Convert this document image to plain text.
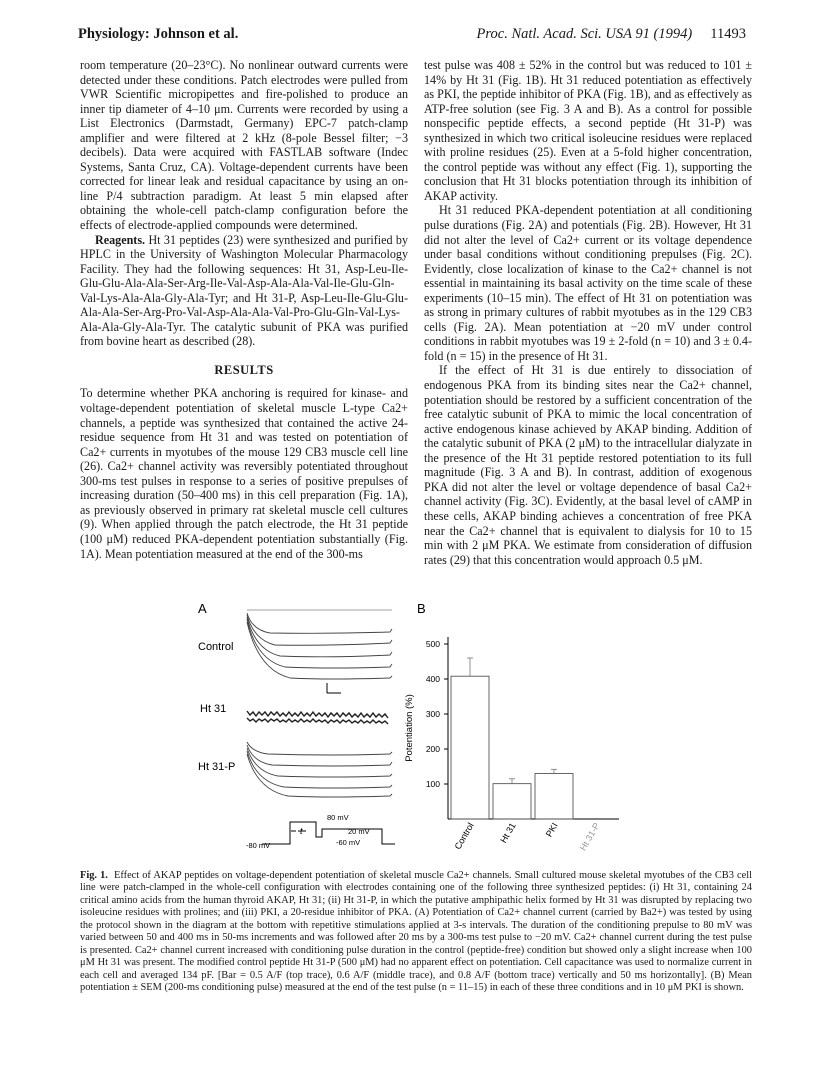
Physiology: Johnson et al.	Proc. Natl. Acad. Sci. USA 91 (1994) 11493

room temperature (20–23°C). No nonlinear outward currents were detected under these conditions. Patch electrodes were pulled from VWR Scientific micropipettes and fire-polished to produce an inner tip diameter of 4–10 μm. Currents were recorded by using a List Electronics (Darmstadt, Germany) EPC-7 patch-clamp amplifier and were filtered at 2 kHz (8-pole Bessel filter; −3 decibels). Data were acquired with FASTLAB software (Indec Systems, Santa Cruz, CA). Voltage-dependent currents have been corrected for linear leak and residual capacitance by using an on-line P/4 subtraction paradigm. At least 5 min elapsed after obtaining the whole-cell patch-clamp configuration before the effects of electrode-applied compounds were determined.

Reagents. Ht 31 peptides (23) were synthesized and purified by HPLC in the University of Washington Molecular Pharmacology Facility. They had the following sequences: Ht 31, Asp-Leu-Ile-Glu-Glu-Ala-Ala-Ser-Arg-Ile-Val-Asp-Ala-Ala-Val-Ile-Glu-Gln-Val-Lys-Ala-Ala-Gly-Ala-Tyr; and Ht 31-P, Asp-Leu-Ile-Glu-Glu-Ala-Ala-Ser-Arg-Pro-Val-Asp-Ala-Ala-Val-Pro-Glu-Gln-Val-Lys-Ala-Ala-Gly-Ala-Tyr. The catalytic subunit of PKA was purified from bovine heart as described (28).

RESULTS

To determine whether PKA anchoring is required for kinase- and voltage-dependent potentiation of skeletal muscle L-type Ca2+ channels, a peptide was synthesized that contained the active 24-residue sequence from Ht 31 and was tested on potentiation of Ca2+ currents in myotubes of the mouse 129 CB3 muscle cell line (26). Ca2+ channel activity was reversibly potentiated throughout 300-ms test pulses in response to a series of positive prepulses of increasing duration (50–400 ms) in this cell preparation (Fig. 1A), as previously observed in primary rat skeletal muscle cell cultures (9). When applied through the patch electrode, the Ht 31 peptide (100 μM) reduced PKA-dependent potentiation substantially (Fig. 1A). Mean potentiation measured at the end of the 300-ms

test pulse was 408 ± 52% in the control but was reduced to 101 ± 14% by Ht 31 (Fig. 1B). Ht 31 reduced potentiation as effectively as PKI, the peptide inhibitor of PKA (Fig. 1B), and as effectively as ATP-free solution (see Fig. 3 A and B). As a control for possible nonspecific peptide effects, a second peptide (Ht 31-P) was synthesized in which two critical isoleucine residues were replaced with proline residues (25). Even at a 5-fold higher concentration, the control peptide was without any effect (Fig. 1), supporting the conclusion that Ht 31 blocks potentiation through its inhibition of AKAP activity.

Ht 31 reduced PKA-dependent potentiation at all conditioning pulse durations (Fig. 2A) and potentials (Fig. 2B). However, Ht 31 did not alter the level of Ca2+ current or its voltage dependence under basal conditions without conditioning prepulses (Fig. 2C). Evidently, close localization of kinase to the Ca2+ channel is not essential in maintaining its basal activity on the time scale of these experiments (10–15 min). The effect of Ht 31 on potentiation was as strong in primary cultures of rabbit myotubes as in the 129 CB3 cells (Fig. 2A). Mean potentiation at −20 mV under control conditions in rabbit myotubes was 19 ± 2-fold (n = 10) and 3 ± 0.4-fold (n = 15) in the presence of Ht 31.

If the effect of Ht 31 is due entirely to dissociation of endogenous PKA from its binding sites near the Ca2+ channel, potentiation should be restored by a sufficient concentration of the free catalytic subunit of PKA to mimic the local concentration of active endogenous kinase achieved by AKAP binding. Addition of the catalytic subunit of PKA (2 μM) to the intracellular dialyzate in the presence of the Ht 31 peptide restored potentiation to its full magnitude (Fig. 3 A and B). In contrast, addition of exogenous PKA did not alter the level or voltage dependence of basal Ca2+ channel activity (Fig. 3C). Evidently, at the basal level of cAMP in these cells, AKAP binding achieves a concentration of free PKA near the Ca2+ channel that is equivalent to dialysis for 10 to 15 min with 2 μM PKA. We estimate from consideration of diffusion rates (29) that this concentration would approach 0.5 μM.

A
Control
Ht 31
Ht 31-P
80 mV
20 mV
-60 mV
-80 mV
t
B
100
200
300
400
500
Potentiation (%)
Control	Ht 31	PKI Ht 31-P
Fig. 1. Effect of AKAP peptides on voltage-dependent potentiation of skeletal muscle Ca2+ channels. Small cultured mouse skeletal myotubes of the CB3 cell line were patch-clamped in the whole-cell configuration with electrodes containing one of the following three synthesized peptides: (i) Ht 31, containing 24 critical amino acids from the human thyroid AKAP, Ht 31; (ii) Ht 31-P, in which the putative amphipathic helix formed by Ht 31 was disrupted by replacing two isoleucine residues with prolines; and (iii) PKI, a 20-residue inhibitor of PKA. (A) Potentiation of Ca2+ channel current (carried by Ba2+) was tested by using the protocol shown in the diagram at the bottom with repetitive stimulations applied at 3-s intervals. The duration of the conditioning prepulse to 80 mV was varied between 50 and 400 ms in 50-ms increments and was followed after 20 ms by a 300-ms test pulse to −20 mV. Ca2+ channel current during the test pulse is presented. Ca2+ channel current increased with conditioning pulse duration in the control (peptide-free) condition but showed only a slight increase when 100 μM Ht 31 was present. The modified control peptide Ht 31-P (500 μM) had no apparent effect on potentiation. Cell capacitance was used to normalize current in each cell and averaged 134 pF. [Bar = 0.5 A/F (top trace), 0.6 A/F (middle trace), and 0.8 A/F (bottom trace) vertically and 50 ms horizontally]. (B) Mean potentiation ± SEM (200-ms conditioning pulse) measured at the end of the test pulse (n = 11–15) in each of these three conditions and in 10 μM PKI is shown.
